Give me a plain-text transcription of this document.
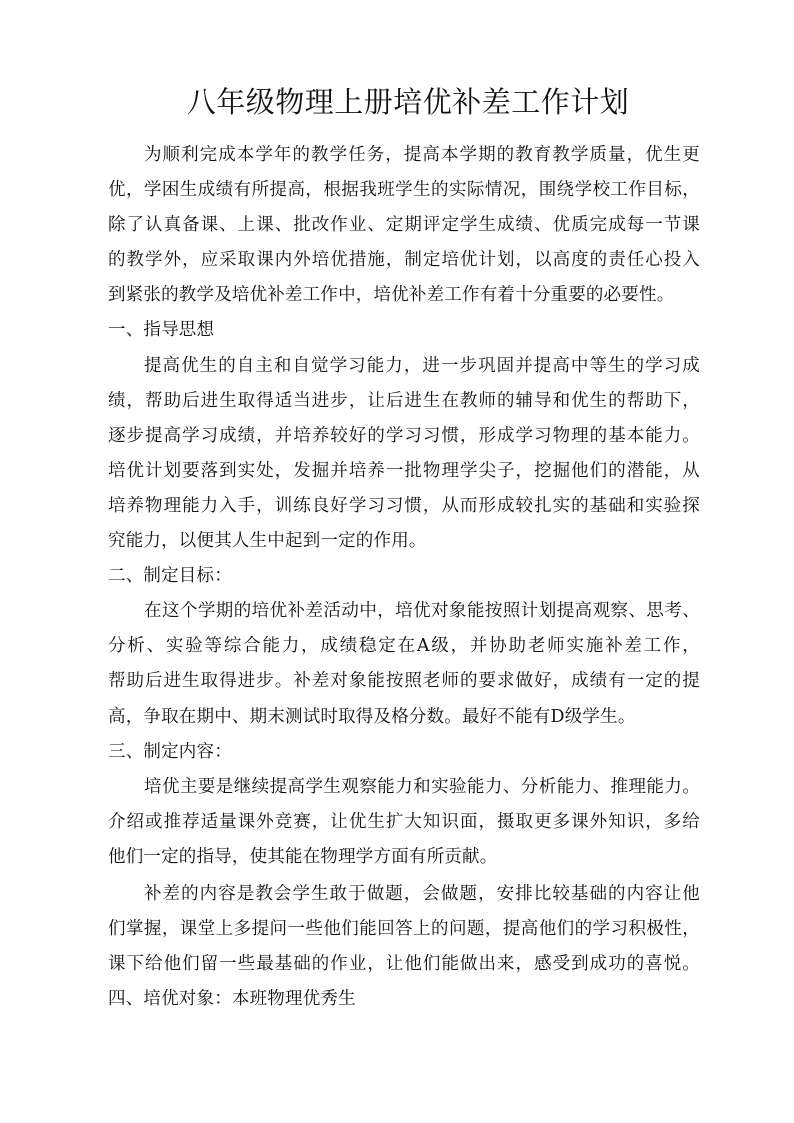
八年级物理上册培优补差工作计划
为顺利完成本学年的教学任务，提高本学期的教育教学质量，优生更
优，学困生成绩有所提高，根据我班学生的实际情况，围绕学校工作目标，
除了认真备课、上课、批改作业、定期评定学生成绩、优质完成每一节课
的教学外，应采取课内外培优措施，制定培优计划，以高度的责任心投入
到紧张的教学及培优补差工作中，培优补差工作有着十分重要的必要性。
一、指导思想
提高优生的自主和自觉学习能力，进一步巩固并提高中等生的学习成
绩，帮助后进生取得适当进步，让后进生在教师的辅导和优生的帮助下，
逐步提高学习成绩，并培养较好的学习习惯，形成学习物理的基本能力。
培优计划要落到实处，发掘并培养一批物理学尖子，挖掘他们的潜能，从
培养物理能力入手，训练良好学习习惯，从而形成较扎实的基础和实验探
究能力，以便其人生中起到一定的作用。
二、制定目标：
在这个学期的培优补差活动中，培优对象能按照计划提高观察、思考、
分析、实验等综合能力，成绩稳定在A级，并协助老师实施补差工作，
帮助后进生取得进步。补差对象能按照老师的要求做好，成绩有一定的提
高，争取在期中、期末测试时取得及格分数。最好不能有D级学生。
三、制定内容：
培优主要是继续提高学生观察能力和实验能力、分析能力、推理能力。
介绍或推荐适量课外竞赛，让优生扩大知识面，摄取更多课外知识，多给
他们一定的指导，使其能在物理学方面有所贡献。
补差的内容是教会学生敢于做题，会做题，安排比较基础的内容让他
们掌握，课堂上多提问一些他们能回答上的问题，提高他们的学习积极性，
课下给他们留一些最基础的作业，让他们能做出来，感受到成功的喜悦。
四、培优对象：本班物理优秀生
